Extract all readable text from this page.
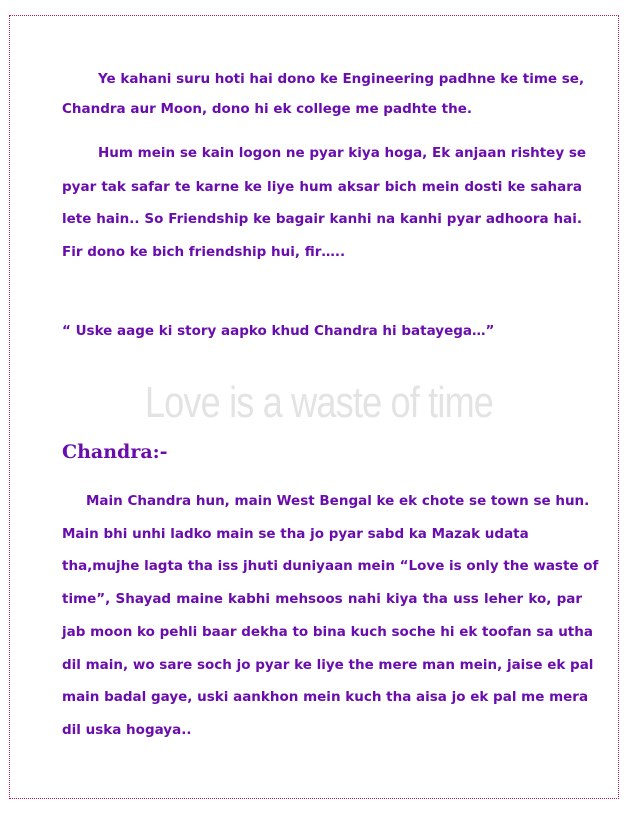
Ye kahani suru hoti hai dono ke Engineering padhne ke time se,
Chandra aur Moon, dono hi ek college me padhte the.
Hum mein se kain logon ne pyar kiya hoga, Ek anjaan rishtey se
pyar tak safar te karne ke liye hum aksar bich mein dosti ke sahara
lete hain.. So Friendship ke bagair kanhi na kanhi pyar adhoora hai.
Fir dono ke bich friendship hui, fir…..
“ Uske aage ki story aapko khud Chandra hi batayega…”
Love is a waste of time
Chandra:-
Main Chandra hun, main West Bengal ke ek chote se town se hun.
Main bhi unhi ladko main se tha jo pyar sabd ka Mazak udata
tha,mujhe lagta tha iss jhuti duniyaan mein “Love is only the waste of
time”, Shayad maine kabhi mehsoos nahi kiya tha uss leher ko, par
jab moon ko pehli baar dekha to bina kuch soche hi ek toofan sa utha
dil main, wo sare soch jo pyar ke liye the mere man mein, jaise ek pal
main badal gaye, uski aankhon mein kuch tha aisa jo ek pal me mera
dil uska hogaya..
